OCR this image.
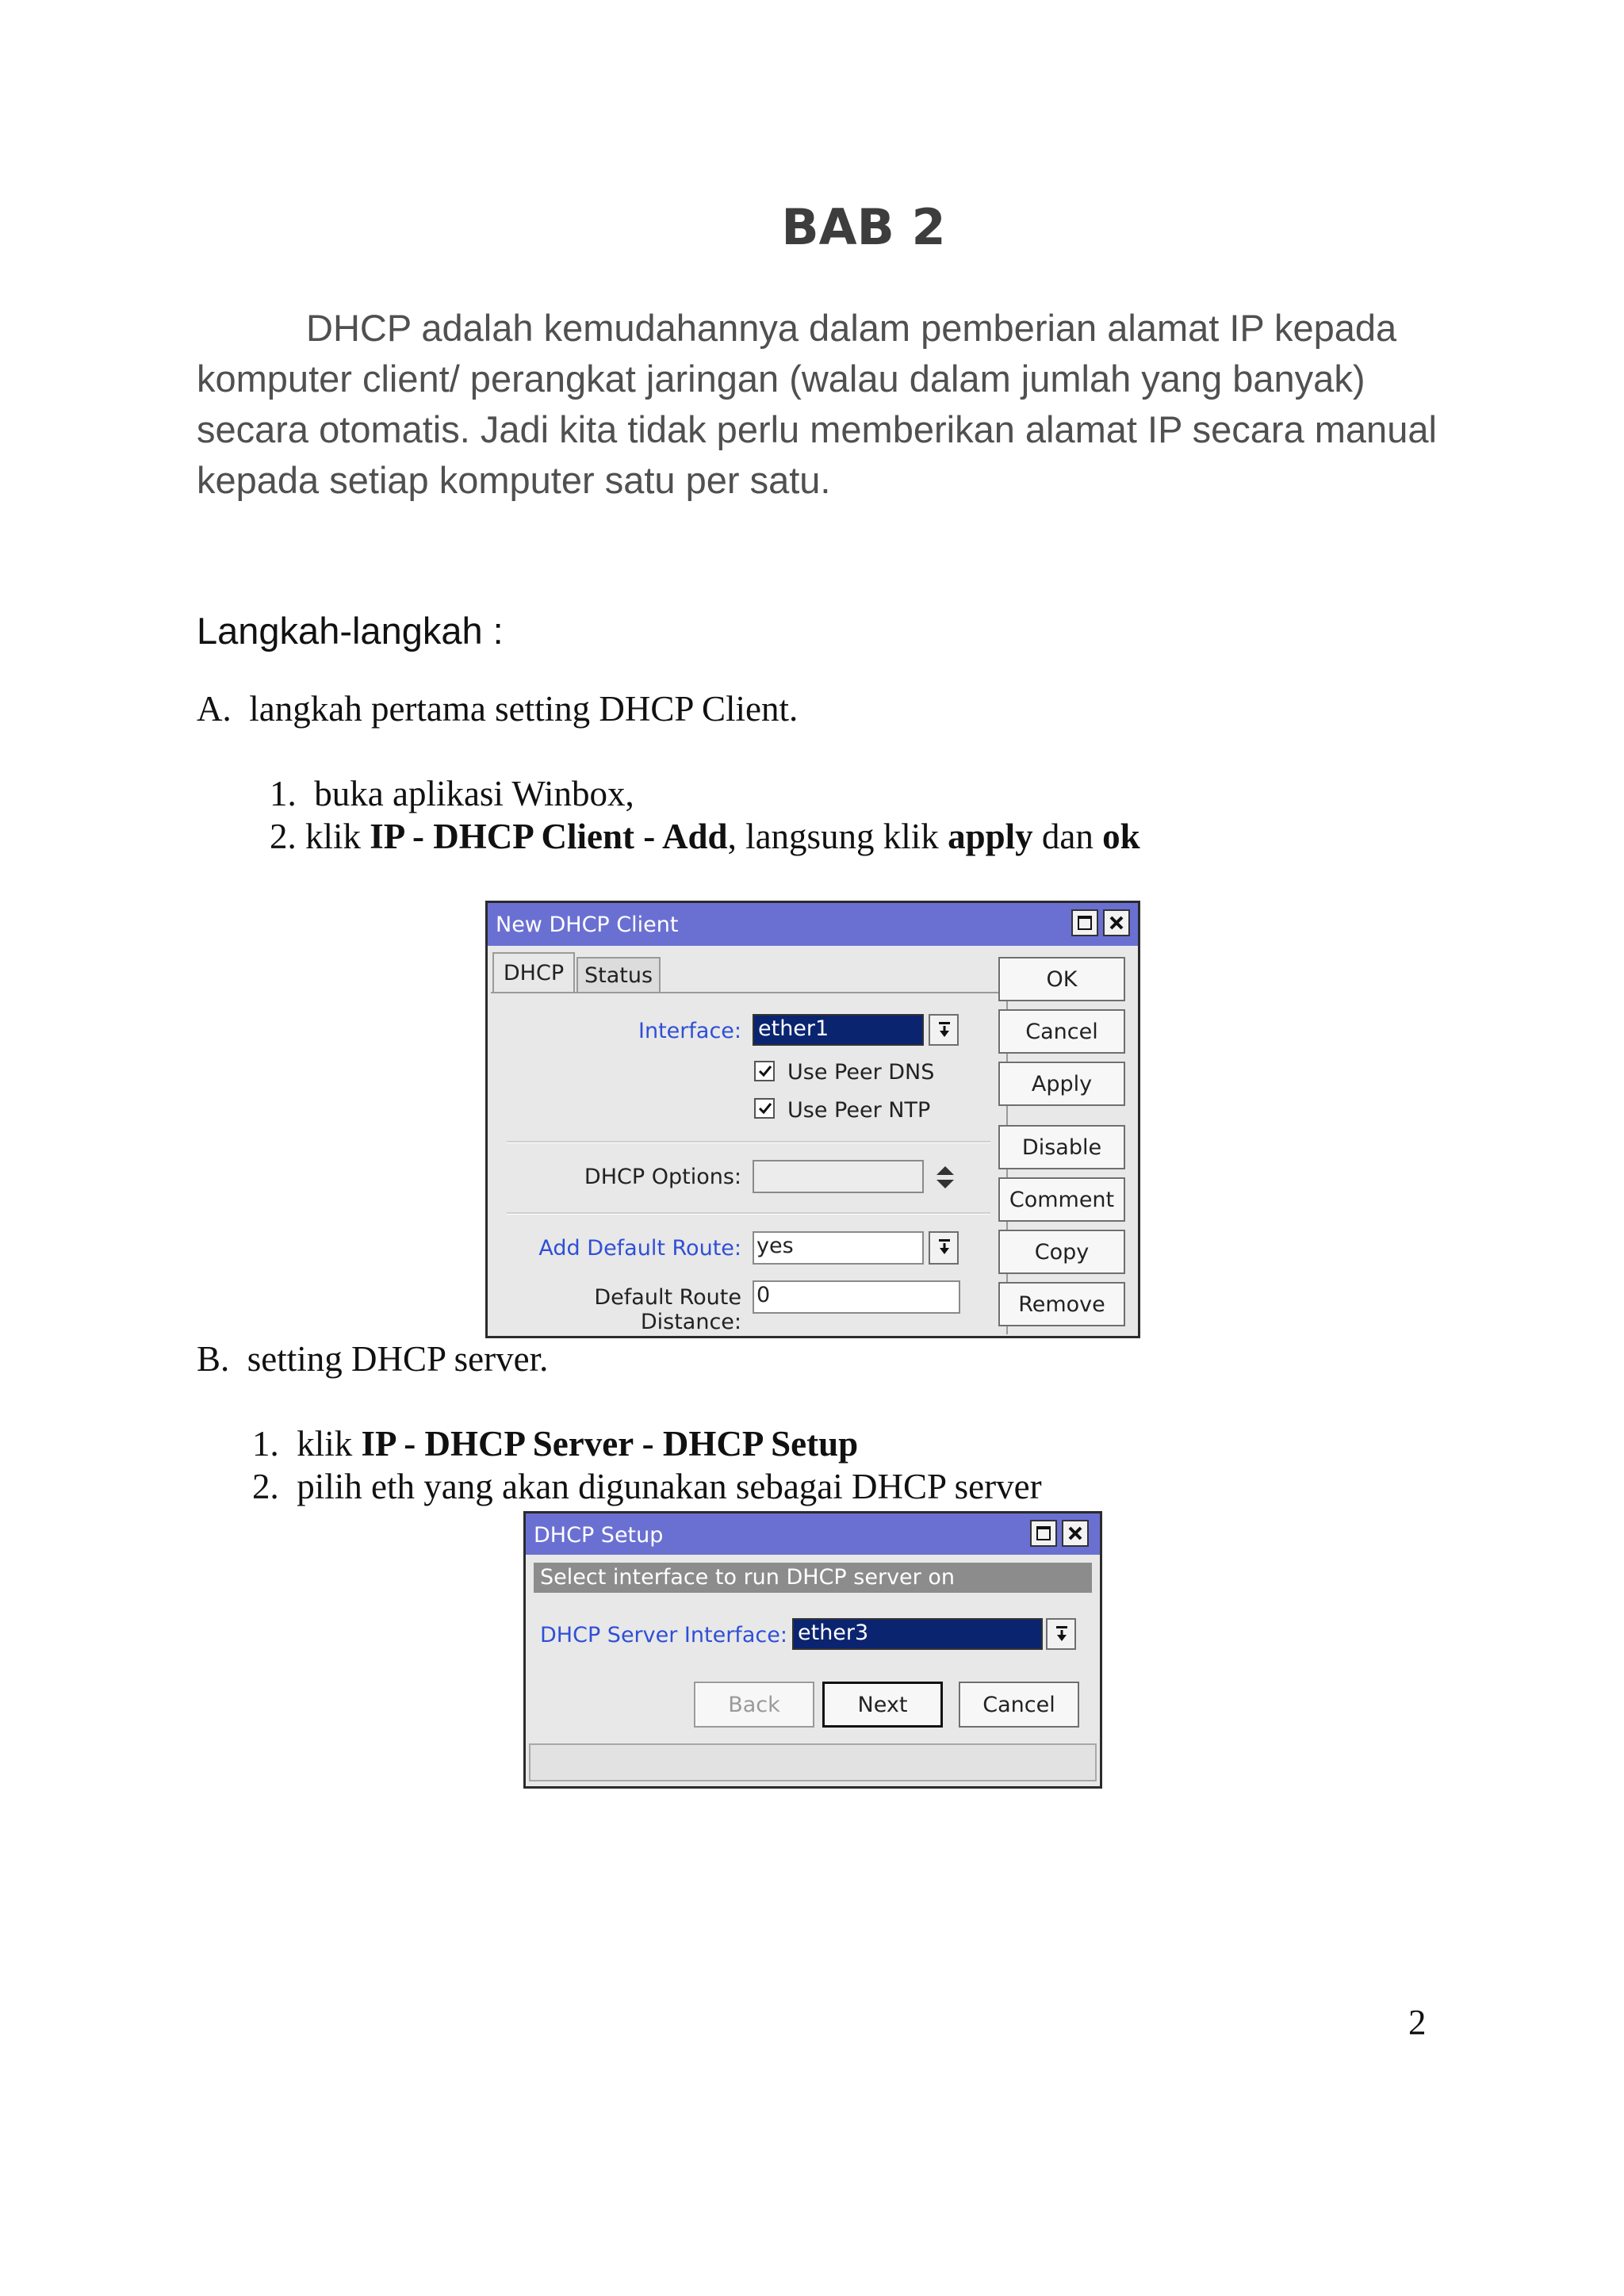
BAB 2

DHCP adalah kemudahannya dalam pemberian alamat IP kepada komputer client/ perangkat jaringan (walau dalam jumlah yang banyak) secara otomatis. Jadi kita tidak perlu memberikan alamat IP secara manual kepada setiap komputer satu per satu.

Langkah-langkah :

A. langkah pertama setting DHCP Client.
1. buka aplikasi Winbox,
2. klik IP - DHCP Client - Add, langsung klik apply dan ok
New DHCP Client
DHCP Status
Interface: ether1
Use Peer DNS
Use Peer NTP
DHCP Options:
Add Default Route: yes
Default Route Distance:
0
OK
Cancel
Apply
Disable
Comment
Copy
Remove
B. setting DHCP server.
1. klik IP - DHCP Server - DHCP Setup
2. pilih eth yang akan digunakan sebagai DHCP server
DHCP Setup
Select interface to run DHCP server on
DHCP Server Interface: ether3
Back	Next	Cancel
2
